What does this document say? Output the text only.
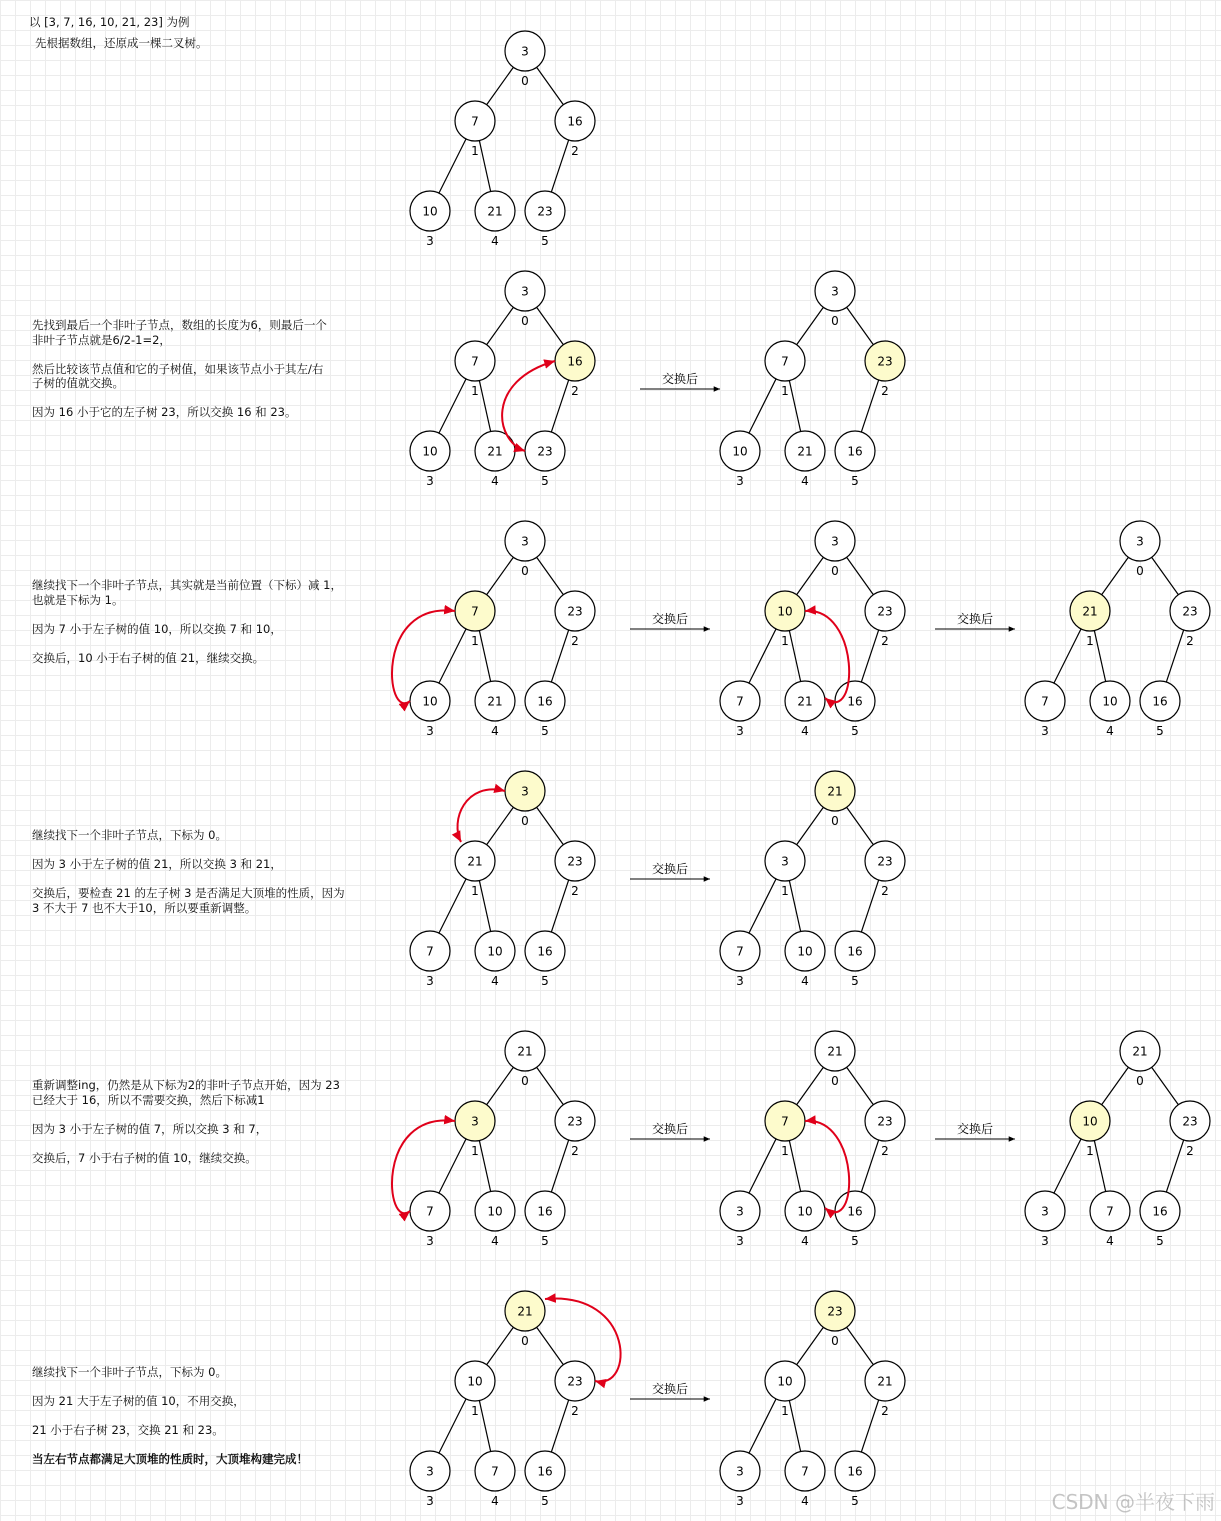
3
0
7
1
16
2
10
3
21
4
23
5
3
0
7
1
16
2
10
3
21
4
23
5
3
0
7
1
23
2
10
3
21
4
16
5
交换后
3
0
7
1
23
2
10
3
21
4
16
5
3
0
10
1
23
2
7
3
21
4
16
5
交换后
3
0
21
1
23
2
7
3
10
4
16
5
交换后
3
0
21
1
23
2
7
3
10
4
16
5
21
0
3
1
23
2
7
3
10
4
16
5
交换后
21
0
3
1
23
2
7
3
10
4
16
5
21
0
7
1
23
2
3
3
10
4
16
5
交换后
21
0
10
1
23
2
3
3
7
4
16
5
交换后
21
0
10
1
23
2
3
3
7
4
16
5
23
0
10
1
21
2
3
3
7
4
16
5
交换后
以 [3, 7, 16, 10, 21, 23] 为例
先根据数组，还原成一棵二叉树。
先找到最后一个非叶子节点，数组的长度为6，则最后一个
非叶子节点就是6/2-1=2，

然后比较该节点值和它的子树值，如果该节点小于其左/右
子树的值就交换。

因为 16 小于它的左子树 23，所以交换 16 和 23。
继续找下一个非叶子节点，其实就是当前位置（下标）减 1，
也就是下标为 1。

因为 7 小于左子树的值 10，所以交换 7 和 10，

交换后，10 小于右子树的值 21，继续交换。
继续找下一个非叶子节点，下标为 0。

因为 3 小于左子树的值 21，所以交换 3 和 21，

交换后，要检查 21 的左子树 3 是否满足大顶堆的性质，因为
3 不大于 7 也不大于10，所以要重新调整。
重新调整ing，仍然是从下标为2的非叶子节点开始，因为 23
已经大于 16，所以不需要交换，然后下标减1

因为 3 小于左子树的值 7，所以交换 3 和 7，

交换后，7 小于右子树的值 10，继续交换。
继续找下一个非叶子节点，下标为 0。

因为 21 大于左子树的值 10，不用交换，

21 小于右子树 23，交换 21 和 23。

当左右节点都满足大顶堆的性质时，大顶堆构建完成！
CSDN @半夜下雨
